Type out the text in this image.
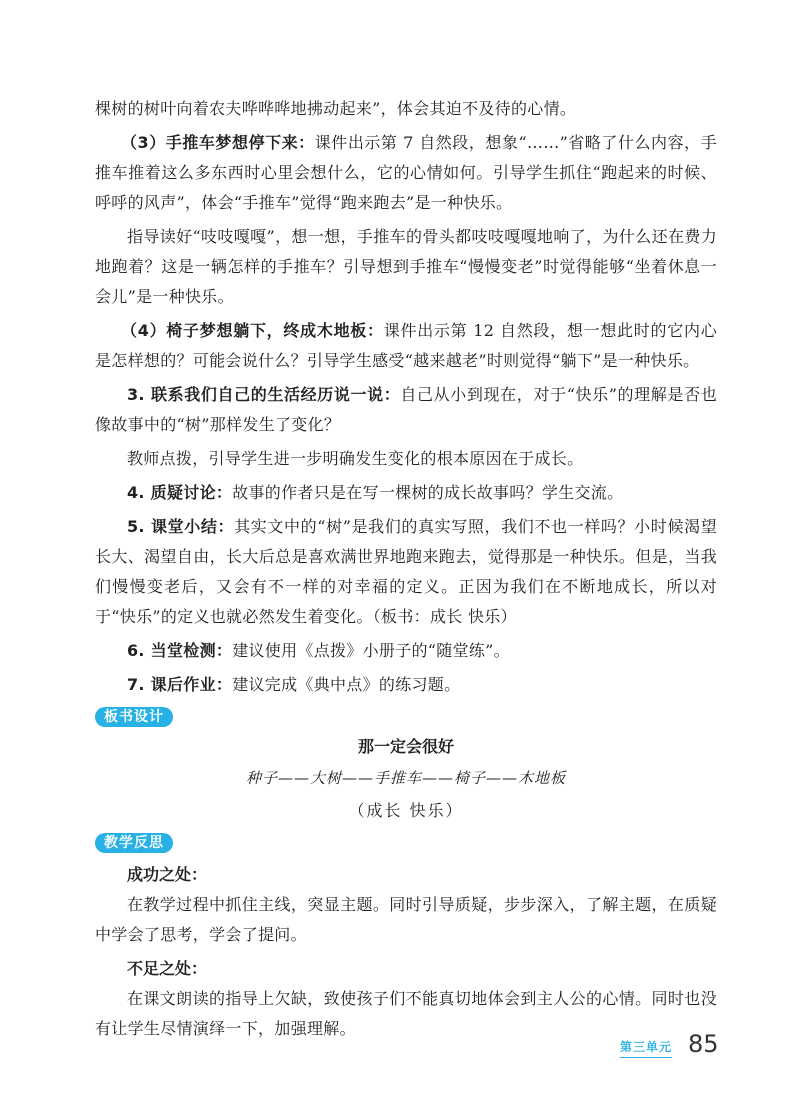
棵树的树叶向着农夫哗哗哗地拂动起来”，体会其迫不及待的心情。

（3）手推车梦想停下来：课件出示第 7 自然段，想象“……”省略了什么内容，手推车推着这么多东西时心里会想什么，它的心情如何。引导学生抓住“跑起来的时候、呼呼的风声”，体会“手推车”觉得“跑来跑去”是一种快乐。

指导读好“吱吱嘎嘎”，想一想，手推车的骨头都吱吱嘎嘎地响了，为什么还在费力地跑着？这是一辆怎样的手推车？引导想到手推车“慢慢变老”时觉得能够“坐着休息一会儿”是一种快乐。

（4）椅子梦想躺下，终成木地板：课件出示第 12 自然段，想一想此时的它内心是怎样想的？可能会说什么？引导学生感受“越来越老”时则觉得“躺下”是一种快乐。

3. 联系我们自己的生活经历说一说：自己从小到现在，对于“快乐”的理解是否也像故事中的“树”那样发生了变化？

教师点拨，引导学生进一步明确发生变化的根本原因在于成长。

4. 质疑讨论：故事的作者只是在写一棵树的成长故事吗？学生交流。

5. 课堂小结：其实文中的“树”是我们的真实写照，我们不也一样吗？小时候渴望长大、渴望自由，长大后总是喜欢满世界地跑来跑去，觉得那是一种快乐。但是，当我们慢慢变老后，又会有不一样的对幸福的定义。正因为我们在不断地成长，所以对于“快乐”的定义也就必然发生着变化。（板书：成长 快乐）

6. 当堂检测：建议使用《点拨》小册子的“随堂练”。

7. 课后作业：建议完成《典中点》的练习题。

板书设计
那一定会很好
种子——大树——手推车——椅子——木地板
（成长 快乐）
教学反思
成功之处：

在教学过程中抓住主线，突显主题。同时引导质疑，步步深入，了解主题，在质疑中学会了思考，学会了提问。

不足之处：

在课文朗读的指导上欠缺，致使孩子们不能真切地体会到主人公的心情。同时也没有让学生尽情演绎一下，加强理解。

第三单元 85
